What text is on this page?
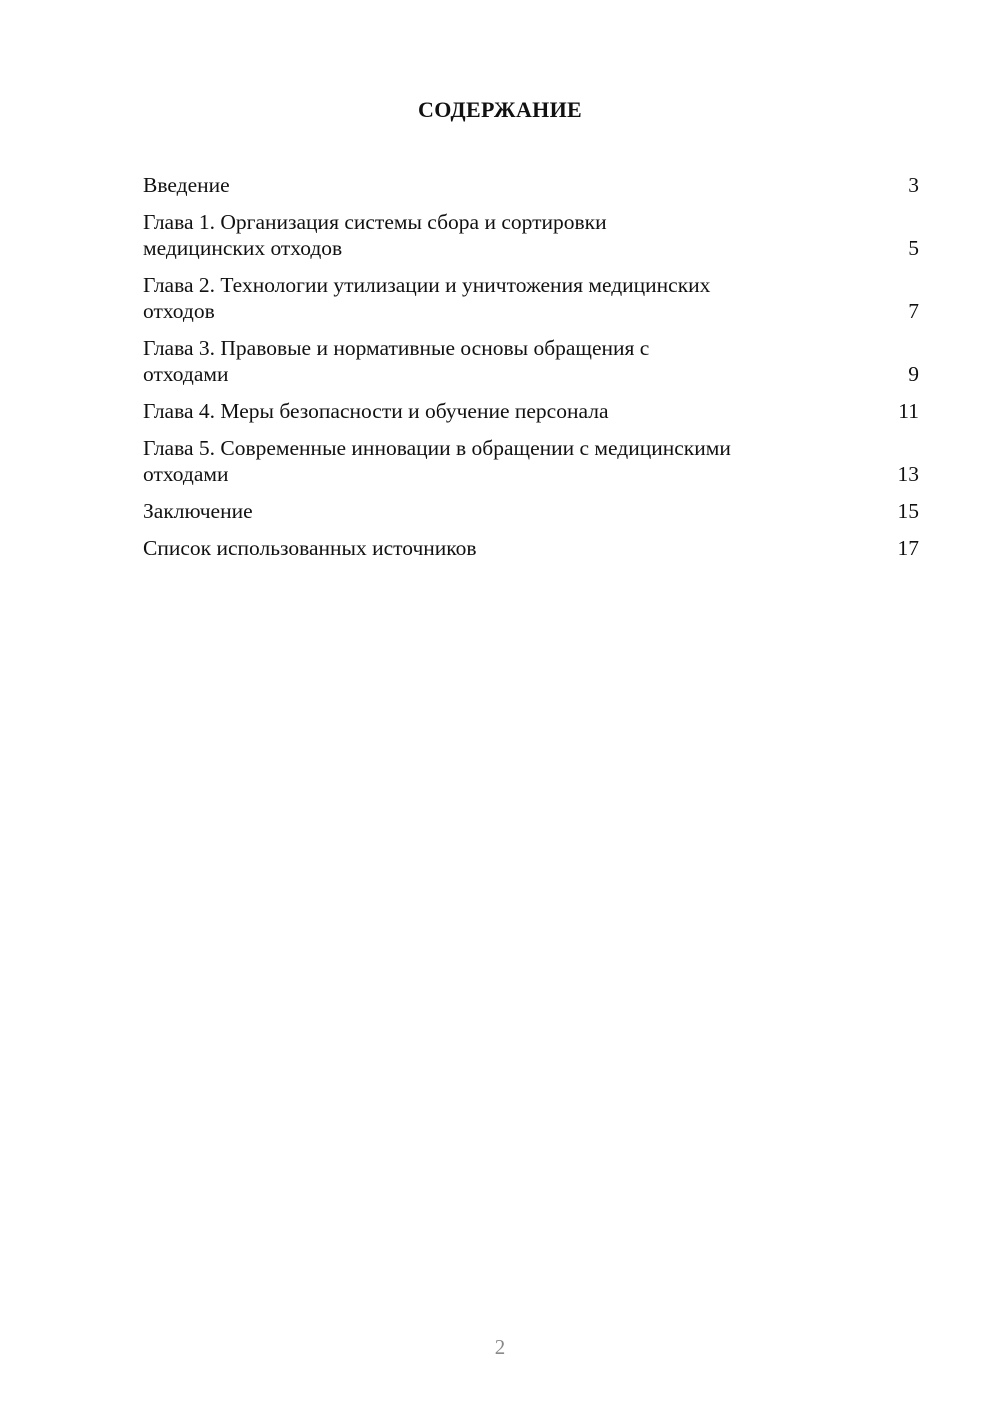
СОДЕРЖАНИЕ
Введение	3
Глава 1. Организация системы сбора и сортировки
медицинских отходов	5
Глава 2. Технологии утилизации и уничтожения медицинских
отходов	7
Глава 3. Правовые и нормативные основы обращения с
отходами	9
Глава 4. Меры безопасности и обучение персонала	11
Глава 5. Современные инновации в обращении с медицинскими
отходами	13
Заключение	15
Список использованных источников	17
2
